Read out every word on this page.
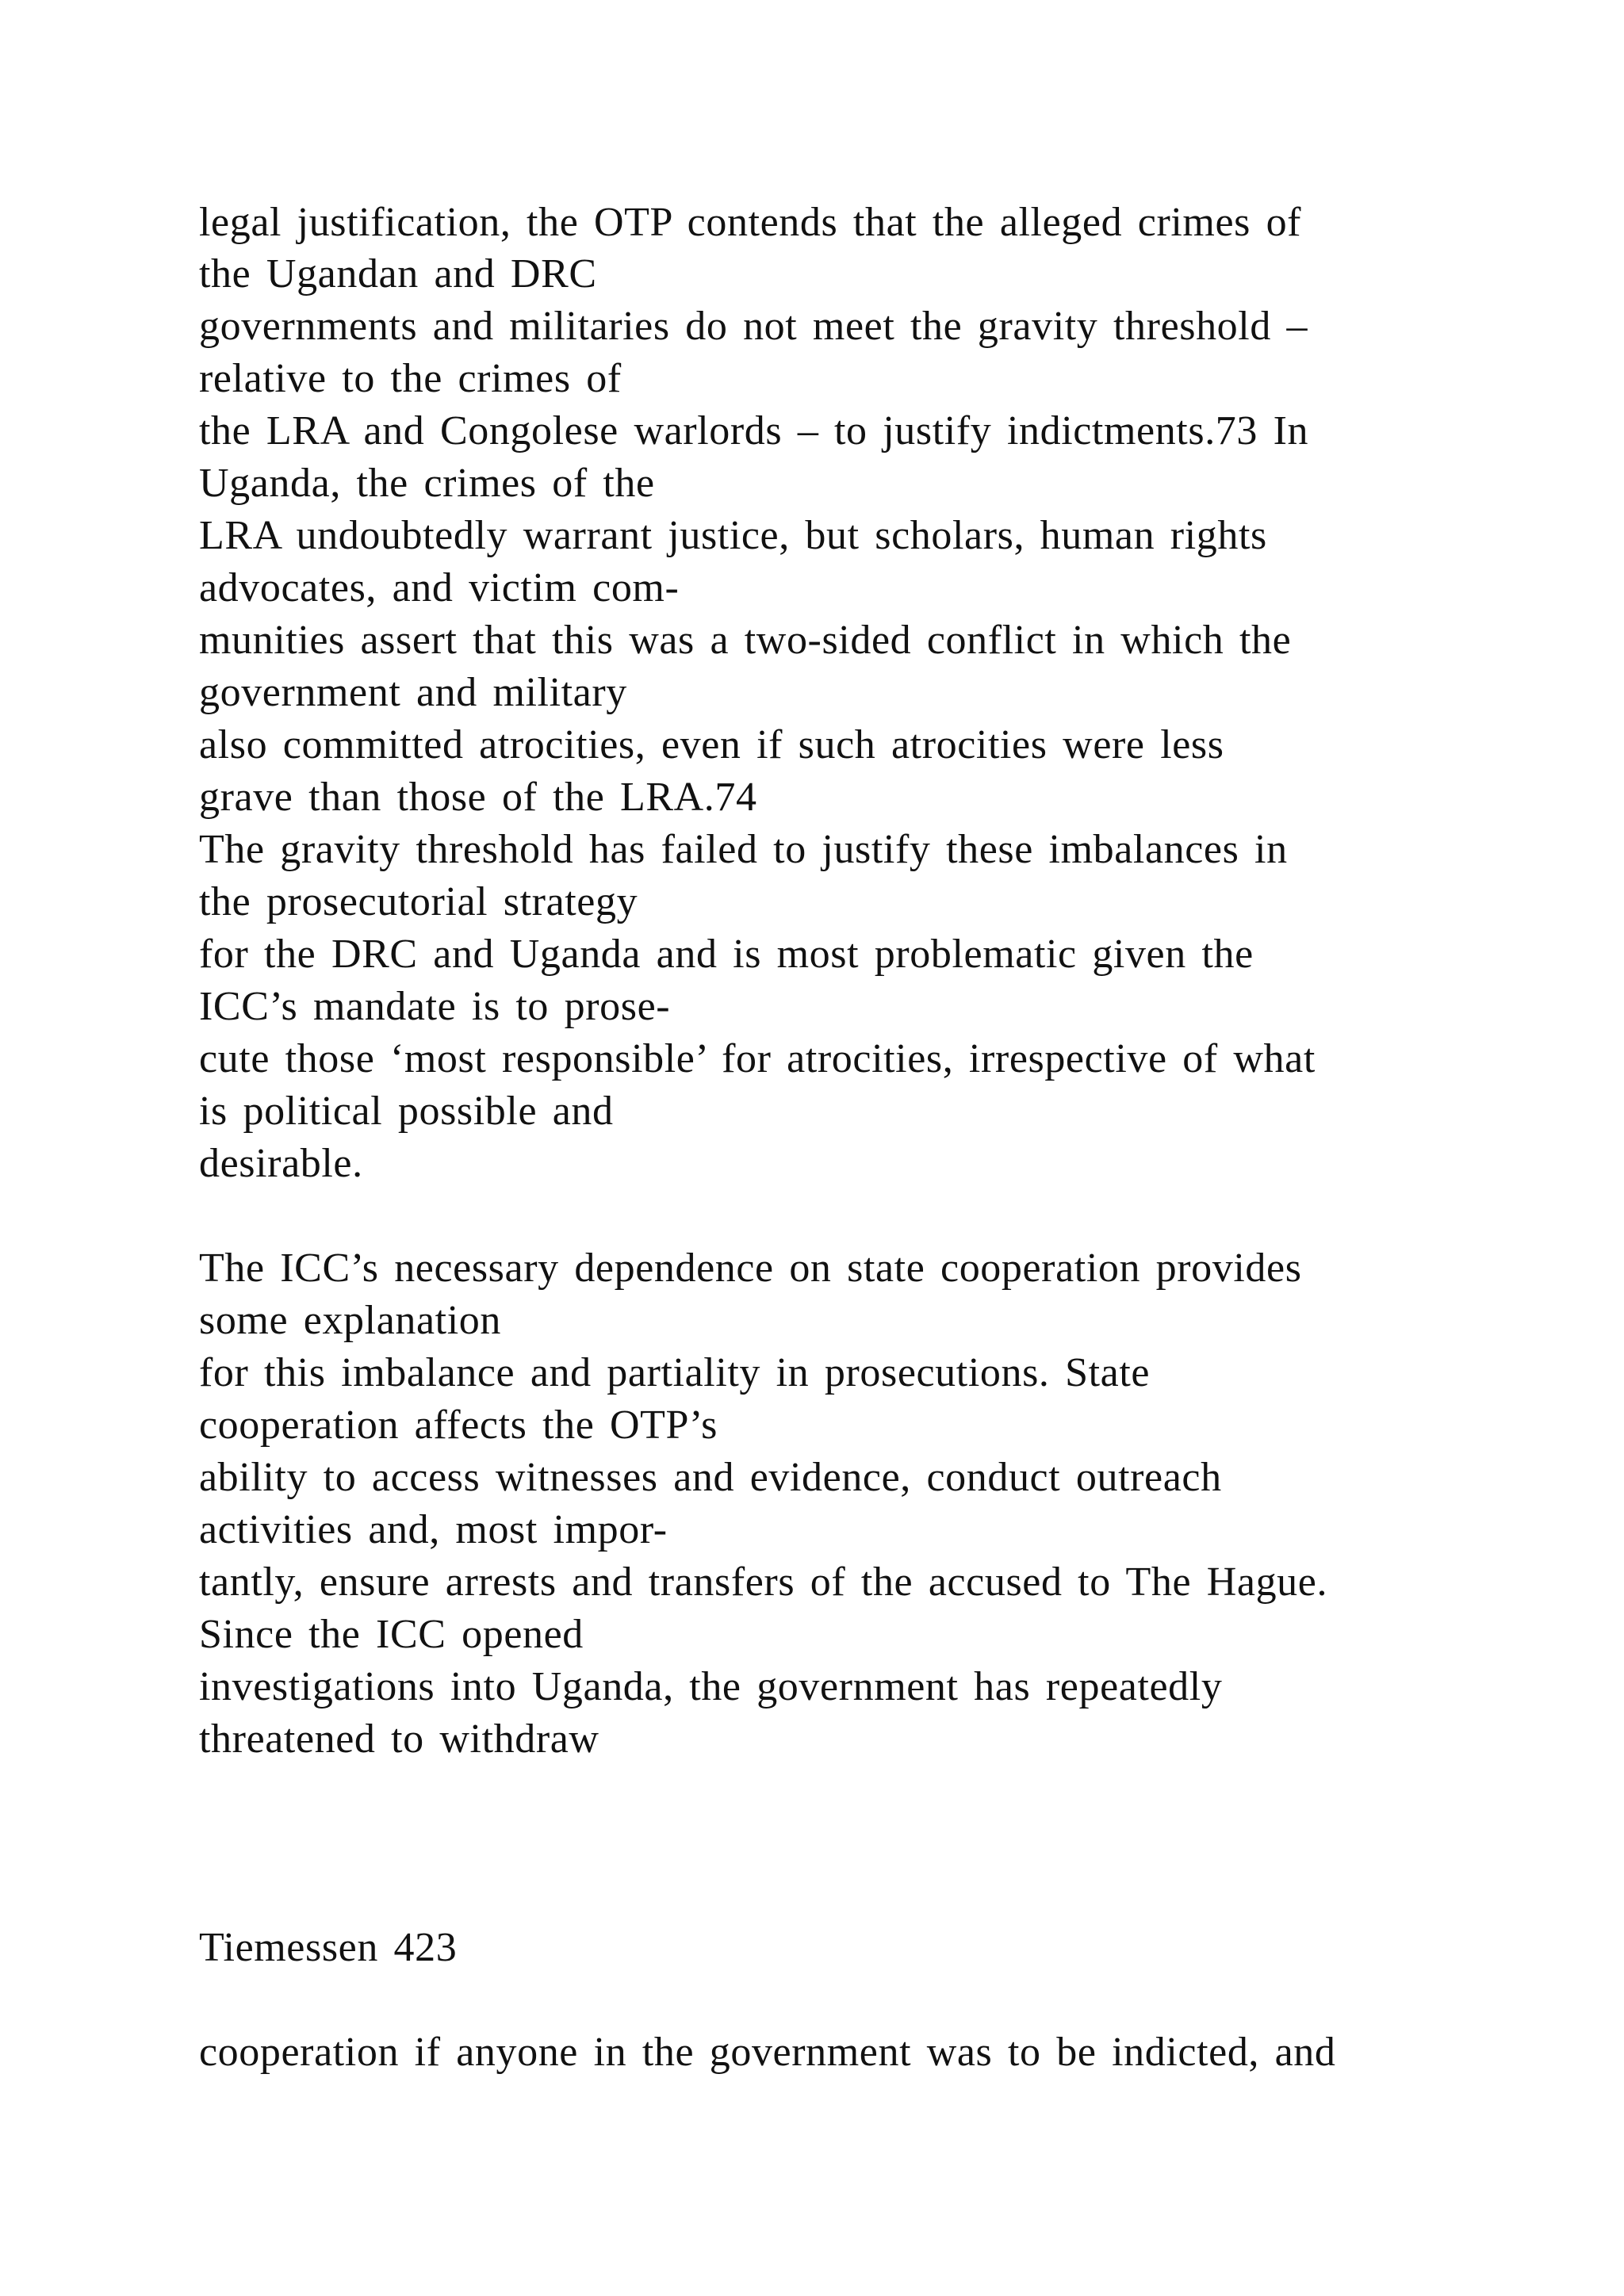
legal justification, the OTP contends that the alleged crimes of
the Ugandan and DRC
governments and militaries do not meet the gravity threshold –
relative to the crimes of
the LRA and Congolese warlords – to justify indictments.73 In
Uganda, the crimes of the
LRA undoubtedly warrant justice, but scholars, human rights
advocates, and victim com-
munities assert that this was a two-sided conflict in which the
government and military
also committed atrocities, even if such atrocities were less
grave than those of the LRA.74
The gravity threshold has failed to justify these imbalances in
the prosecutorial strategy
for the DRC and Uganda and is most problematic given the
ICC’s mandate is to prose-
cute those ‘most responsible’ for atrocities, irrespective of what
is political possible and
desirable.
The ICC’s necessary dependence on state cooperation provides
some explanation
for this imbalance and partiality in prosecutions. State
cooperation affects the OTP’s
ability to access witnesses and evidence, conduct outreach
activities and, most impor-
tantly, ensure arrests and transfers of the accused to The Hague.
Since the ICC opened
investigations into Uganda, the government has repeatedly
threatened to withdraw
Tiemessen 423
cooperation if anyone in the government was to be indicted, and
